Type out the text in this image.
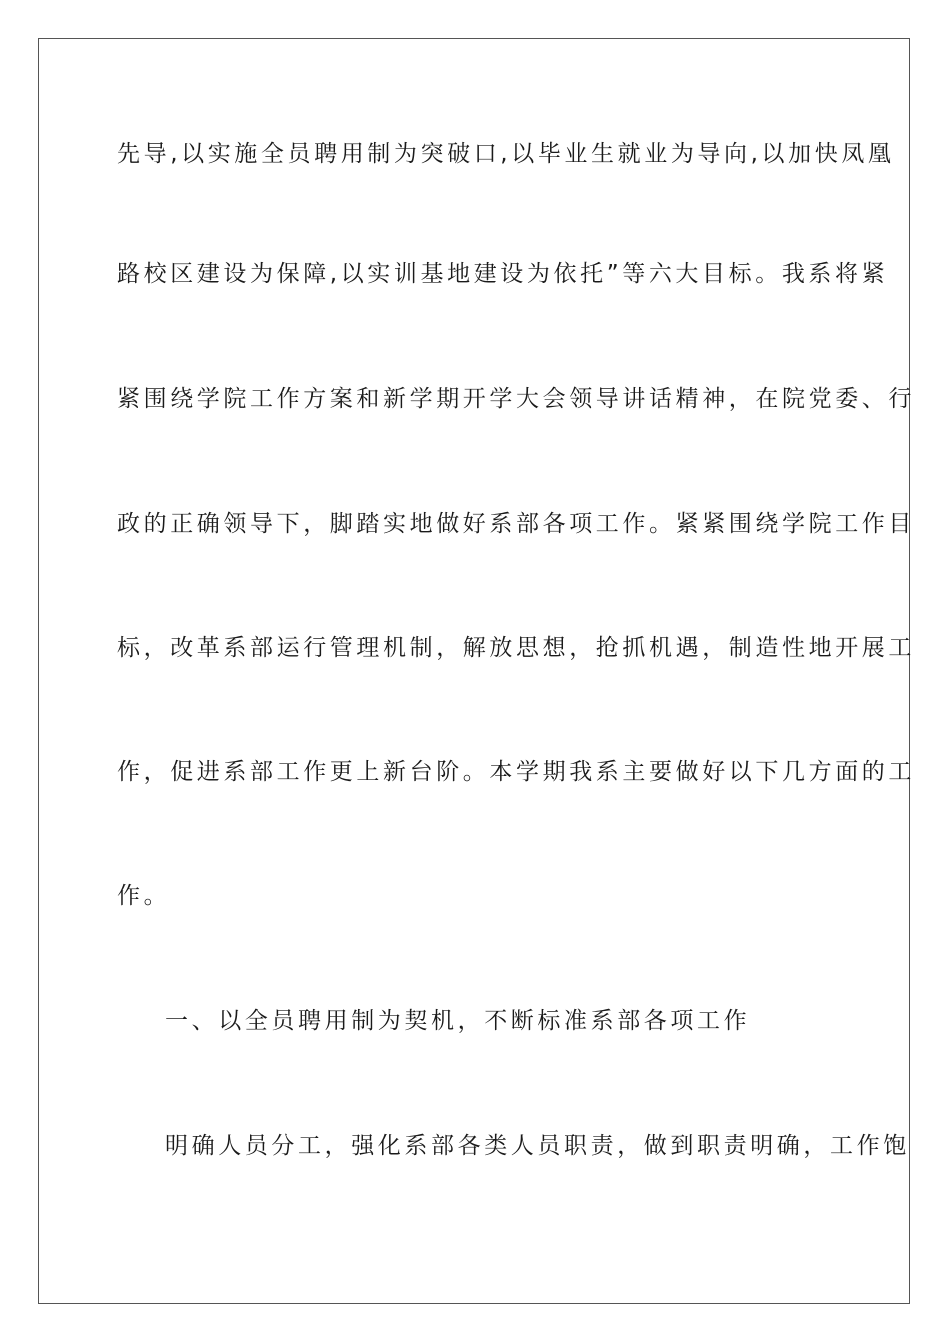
先导,以实施全员聘用制为突破口,以毕业生就业为导向,以加快凤凰
路校区建设为保障,以实训基地建设为依托”等六大目标。我系将紧
紧围绕学院工作方案和新学期开学大会领导讲话精神，在院党委、行
政的正确领导下，脚踏实地做好系部各项工作。紧紧围绕学院工作目
标，改革系部运行管理机制，解放思想，抢抓机遇，制造性地开展工
作，促进系部工作更上新台阶。本学期我系主要做好以下几方面的工
作。
一、以全员聘用制为契机，不断标准系部各项工作
明确人员分工，强化系部各类人员职责，做到职责明确，工作饱
